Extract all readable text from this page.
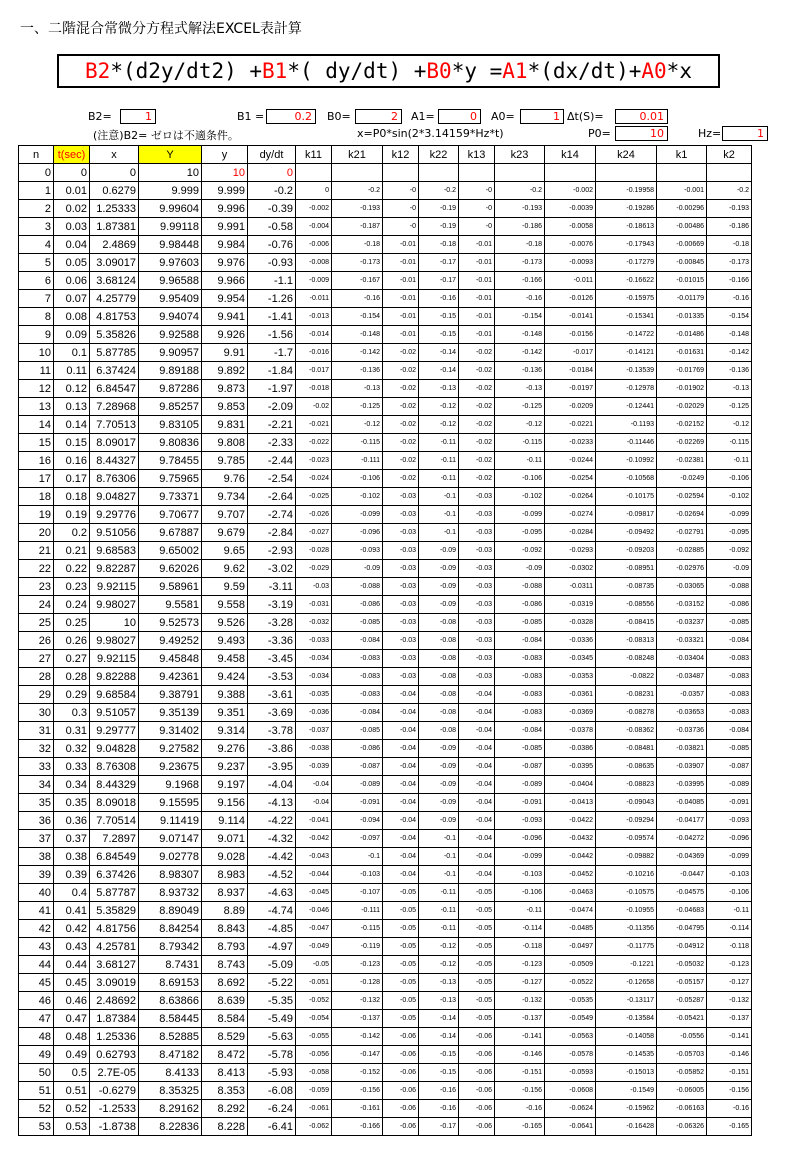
一、二階混合常微分方程式解法EXCEL表計算
B2*(d2y/dt2) +B1*( dy/dt) +B0*y =A1*(dx/dt)+A0*x
B2=	1	B1 =	0.2	B0=	2	A1=	0	A0=	1 Δt(S)=	0.01
(注意)B2= ゼロは不適条件。	x=P0*sin(2*3.14159*Hz*t)	P0=	10	Hz=	1
n	t(sec)	x	Y	y	dy/dt	k11	k21	k12	k22	k13	k23	k14	k24	k1	k2
0	0	0	10	10	0										
1	0.01	0.6279	9.999	9.999	-0.2	0	-0.2	-0	-0.2	-0	-0.2	-0.002	-0.19958	-0.001	-0.2
2	0.02	1.25333	9.99604	9.996	-0.39	-0.002	-0.193	-0	-0.19	-0	-0.193	-0.0039	-0.19286	-0.00296	-0.193
3	0.03	1.87381	9.99118	9.991	-0.58	-0.004	-0.187	-0	-0.19	-0	-0.186	-0.0058	-0.18613	-0.00486	-0.186
4	0.04	2.4869	9.98448	9.984	-0.76	-0.006	-0.18	-0.01	-0.18	-0.01	-0.18	-0.0076	-0.17943	-0.00669	-0.18
5	0.05	3.09017	9.97603	9.976	-0.93	-0.008	-0.173	-0.01	-0.17	-0.01	-0.173	-0.0093	-0.17279	-0.00845	-0.173
6	0.06	3.68124	9.96588	9.966	-1.1	-0.009	-0.167	-0.01	-0.17	-0.01	-0.166	-0.011	-0.16622	-0.01015	-0.166
7	0.07	4.25779	9.95409	9.954	-1.26	-0.011	-0.16	-0.01	-0.16	-0.01	-0.16	-0.0126	-0.15975	-0.01179	-0.16
8	0.08	4.81753	9.94074	9.941	-1.41	-0.013	-0.154	-0.01	-0.15	-0.01	-0.154	-0.0141	-0.15341	-0.01335	-0.154
9	0.09	5.35826	9.92588	9.926	-1.56	-0.014	-0.148	-0.01	-0.15	-0.01	-0.148	-0.0156	-0.14722	-0.01486	-0.148
10	0.1	5.87785	9.90957	9.91	-1.7	-0.016	-0.142	-0.02	-0.14	-0.02	-0.142	-0.017	-0.14121	-0.01631	-0.142
11	0.11	6.37424	9.89188	9.892	-1.84	-0.017	-0.136	-0.02	-0.14	-0.02	-0.136	-0.0184	-0.13539	-0.01769	-0.136
12	0.12	6.84547	9.87286	9.873	-1.97	-0.018	-0.13	-0.02	-0.13	-0.02	-0.13	-0.0197	-0.12978	-0.01902	-0.13
13	0.13	7.28968	9.85257	9.853	-2.09	-0.02	-0.125	-0.02	-0.12	-0.02	-0.125	-0.0209	-0.12441	-0.02029	-0.125
14	0.14	7.70513	9.83105	9.831	-2.21	-0.021	-0.12	-0.02	-0.12	-0.02	-0.12	-0.0221	-0.1193	-0.02152	-0.12
15	0.15	8.09017	9.80836	9.808	-2.33	-0.022	-0.115	-0.02	-0.11	-0.02	-0.115	-0.0233	-0.11446	-0.02269	-0.115
16	0.16	8.44327	9.78455	9.785	-2.44	-0.023	-0.111	-0.02	-0.11	-0.02	-0.11	-0.0244	-0.10992	-0.02381	-0.11
17	0.17	8.76306	9.75965	9.76	-2.54	-0.024	-0.106	-0.02	-0.11	-0.02	-0.106	-0.0254	-0.10568	-0.0249	-0.106
18	0.18	9.04827	9.73371	9.734	-2.64	-0.025	-0.102	-0.03	-0.1	-0.03	-0.102	-0.0264	-0.10175	-0.02594	-0.102
19	0.19	9.29776	9.70677	9.707	-2.74	-0.026	-0.099	-0.03	-0.1	-0.03	-0.099	-0.0274	-0.09817	-0.02694	-0.099
20	0.2	9.51056	9.67887	9.679	-2.84	-0.027	-0.096	-0.03	-0.1	-0.03	-0.095	-0.0284	-0.09492	-0.02791	-0.095
21	0.21	9.68583	9.65002	9.65	-2.93	-0.028	-0.093	-0.03	-0.09	-0.03	-0.092	-0.0293	-0.09203	-0.02885	-0.092
22	0.22	9.82287	9.62026	9.62	-3.02	-0.029	-0.09	-0.03	-0.09	-0.03	-0.09	-0.0302	-0.08951	-0.02976	-0.09
23	0.23	9.92115	9.58961	9.59	-3.11	-0.03	-0.088	-0.03	-0.09	-0.03	-0.088	-0.0311	-0.08735	-0.03065	-0.088
24	0.24	9.98027	9.5581	9.558	-3.19	-0.031	-0.086	-0.03	-0.09	-0.03	-0.086	-0.0319	-0.08556	-0.03152	-0.086
25	0.25	10	9.52573	9.526	-3.28	-0.032	-0.085	-0.03	-0.08	-0.03	-0.085	-0.0328	-0.08415	-0.03237	-0.085
26	0.26	9.98027	9.49252	9.493	-3.36	-0.033	-0.084	-0.03	-0.08	-0.03	-0.084	-0.0336	-0.08313	-0.03321	-0.084
27	0.27	9.92115	9.45848	9.458	-3.45	-0.034	-0.083	-0.03	-0.08	-0.03	-0.083	-0.0345	-0.08248	-0.03404	-0.083
28	0.28	9.82288	9.42361	9.424	-3.53	-0.034	-0.083	-0.03	-0.08	-0.03	-0.083	-0.0353	-0.0822	-0.03487	-0.083
29	0.29	9.68584	9.38791	9.388	-3.61	-0.035	-0.083	-0.04	-0.08	-0.04	-0.083	-0.0361	-0.08231	-0.0357	-0.083
30	0.3	9.51057	9.35139	9.351	-3.69	-0.036	-0.084	-0.04	-0.08	-0.04	-0.083	-0.0369	-0.08278	-0.03653	-0.083
31	0.31	9.29777	9.31402	9.314	-3.78	-0.037	-0.085	-0.04	-0.08	-0.04	-0.084	-0.0378	-0.08362	-0.03736	-0.084
32	0.32	9.04828	9.27582	9.276	-3.86	-0.038	-0.086	-0.04	-0.09	-0.04	-0.085	-0.0386	-0.08481	-0.03821	-0.085
33	0.33	8.76308	9.23675	9.237	-3.95	-0.039	-0.087	-0.04	-0.09	-0.04	-0.087	-0.0395	-0.08635	-0.03907	-0.087
34	0.34	8.44329	9.1968	9.197	-4.04	-0.04	-0.089	-0.04	-0.09	-0.04	-0.089	-0.0404	-0.08823	-0.03995	-0.089
35	0.35	8.09018	9.15595	9.156	-4.13	-0.04	-0.091	-0.04	-0.09	-0.04	-0.091	-0.0413	-0.09043	-0.04085	-0.091
36	0.36	7.70514	9.11419	9.114	-4.22	-0.041	-0.094	-0.04	-0.09	-0.04	-0.093	-0.0422	-0.09294	-0.04177	-0.093
37	0.37	7.2897	9.07147	9.071	-4.32	-0.042	-0.097	-0.04	-0.1	-0.04	-0.096	-0.0432	-0.09574	-0.04272	-0.096
38	0.38	6.84549	9.02778	9.028	-4.42	-0.043	-0.1	-0.04	-0.1	-0.04	-0.099	-0.0442	-0.09882	-0.04369	-0.099
39	0.39	6.37426	8.98307	8.983	-4.52	-0.044	-0.103	-0.04	-0.1	-0.04	-0.103	-0.0452	-0.10216	-0.0447	-0.103
40	0.4	5.87787	8.93732	8.937	-4.63	-0.045	-0.107	-0.05	-0.11	-0.05	-0.106	-0.0463	-0.10575	-0.04575	-0.106
41	0.41	5.35829	8.89049	8.89	-4.74	-0.046	-0.111	-0.05	-0.11	-0.05	-0.11	-0.0474	-0.10955	-0.04683	-0.11
42	0.42	4.81756	8.84254	8.843	-4.85	-0.047	-0.115	-0.05	-0.11	-0.05	-0.114	-0.0485	-0.11356	-0.04795	-0.114
43	0.43	4.25781	8.79342	8.793	-4.97	-0.049	-0.119	-0.05	-0.12	-0.05	-0.118	-0.0497	-0.11775	-0.04912	-0.118
44	0.44	3.68127	8.7431	8.743	-5.09	-0.05	-0.123	-0.05	-0.12	-0.05	-0.123	-0.0509	-0.1221	-0.05032	-0.123
45	0.45	3.09019	8.69153	8.692	-5.22	-0.051	-0.128	-0.05	-0.13	-0.05	-0.127	-0.0522	-0.12658	-0.05157	-0.127
46	0.46	2.48692	8.63866	8.639	-5.35	-0.052	-0.132	-0.05	-0.13	-0.05	-0.132	-0.0535	-0.13117	-0.05287	-0.132
47	0.47	1.87384	8.58445	8.584	-5.49	-0.054	-0.137	-0.05	-0.14	-0.05	-0.137	-0.0549	-0.13584	-0.05421	-0.137
48	0.48	1.25336	8.52885	8.529	-5.63	-0.055	-0.142	-0.06	-0.14	-0.06	-0.141	-0.0563	-0.14058	-0.0556	-0.141
49	0.49	0.62793	8.47182	8.472	-5.78	-0.056	-0.147	-0.06	-0.15	-0.06	-0.146	-0.0578	-0.14535	-0.05703	-0.146
50	0.5	2.7E-05	8.4133	8.413	-5.93	-0.058	-0.152	-0.06	-0.15	-0.06	-0.151	-0.0593	-0.15013	-0.05852	-0.151
51	0.51	-0.6279	8.35325	8.353	-6.08	-0.059	-0.156	-0.06	-0.16	-0.06	-0.156	-0.0608	-0.1549	-0.06005	-0.156
52	0.52	-1.2533	8.29162	8.292	-6.24	-0.061	-0.161	-0.06	-0.16	-0.06	-0.16	-0.0624	-0.15962	-0.06163	-0.16
53	0.53	-1.8738	8.22836	8.228	-6.41	-0.062	-0.166	-0.06	-0.17	-0.06	-0.165	-0.0641	-0.16428	-0.06326	-0.165
